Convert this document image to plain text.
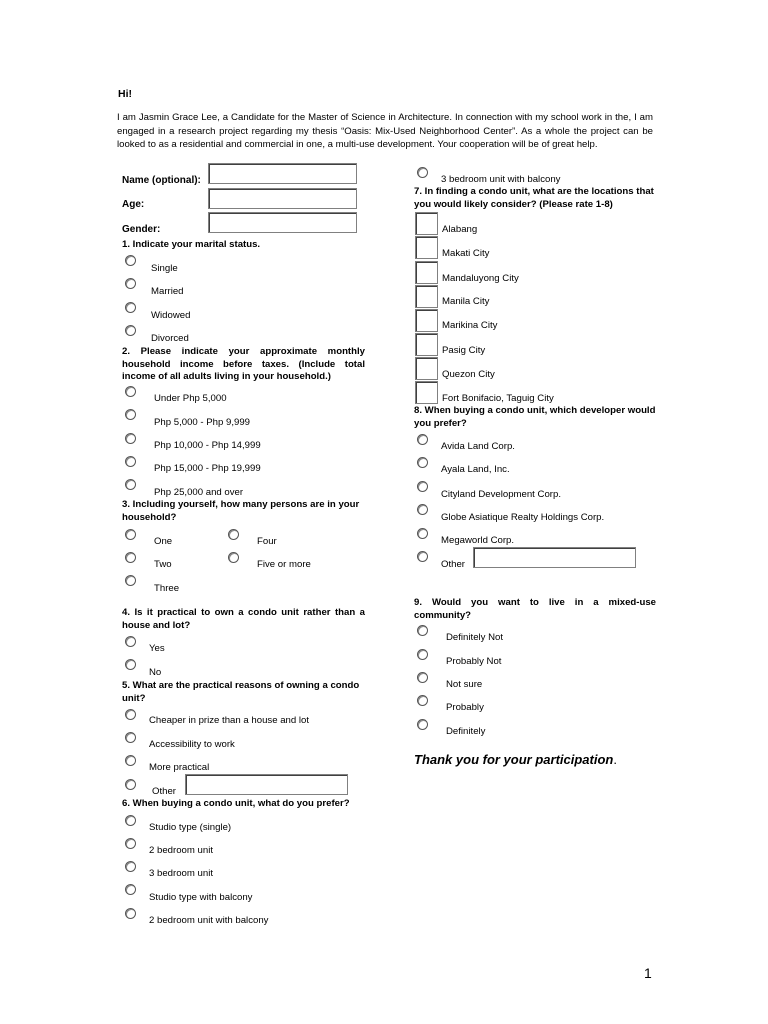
Hi!
I am Jasmin Grace Lee, a Candidate for the Master of Science in Architecture. In connection with my school work in the, I am engaged in a research project regarding my thesis “Oasis: Mix-Used Neighborhood Center”. As a whole the project can be looked to as a residential and commercial in one, a multi-use development. Your cooperation will be of great help.
Name (optional):
Age:
Gender:
1. Indicate your marital status.
Single
Married
Widowed
Divorced
2. Please indicate your approximate monthly household income before taxes. (Include total income of all adults living in your household.)
Under Php 5,000
Php 5,000 - Php 9,999
Php 10,000 - Php 14,999
Php 15,000 - Php 19,999
Php 25,000 and over
3. Including yourself, how many persons are in your household?
One
Two
Three
Four
Five or more
4. Is it practical to own a condo unit rather than a house and lot?
Yes
No
5. What are the practical reasons of owning a condo unit?
Cheaper in prize than a house and lot
Accessibility to work
More practical
Other
6. When buying a condo unit, what do you prefer?
Studio type (single)
2 bedroom unit
3 bedroom unit
Studio type with balcony
2 bedroom unit with balcony
3 bedroom unit with balcony
7. In finding a condo unit, what are the locations that you would likely consider? (Please rate 1-8)
Alabang
Makati City
Mandaluyong City
Manila City
Marikina City
Pasig City
Quezon City
Fort Bonifacio, Taguig City
8. When buying a condo unit, which developer would you prefer?
Avida Land Corp.
Ayala Land, Inc.
Cityland Development Corp.
Globe Asiatique Realty Holdings Corp.
Megaworld Corp.
Other
9. Would you want to live in a mixed-use community?
Definitely Not
Probably Not
Not sure
Probably
Definitely
Thank you for your participation.
1
